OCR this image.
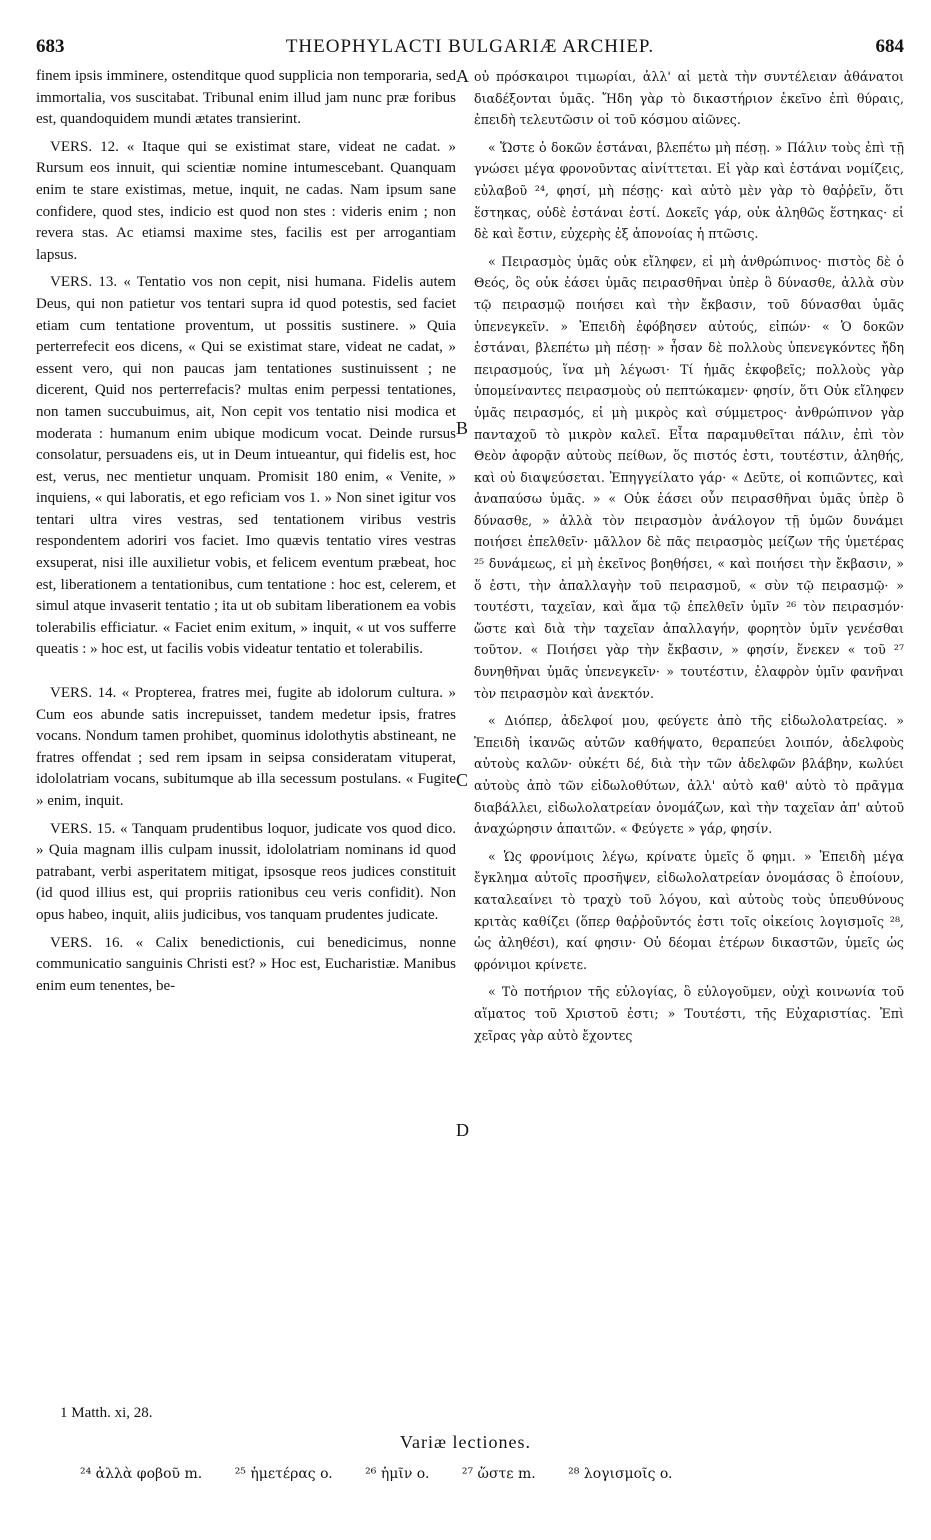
683	THEOPHYLACTI BULGARIÆ ARCHIEP.	684

finem ipsis imminere, ostenditque quod supplicia non temporaria, sed immortalia, vos suscitabat. Tribunal enim illud jam nunc præ foribus est, quandoquidem mundi ætates transierint.

VERS. 12. « Itaque qui se existimat stare, videat ne cadat. » Rursum eos innuit, qui scientiæ nomine intumescebant. Quanquam enim te stare existimas, metue, inquit, ne cadas. Nam ipsum sane confidere, quod stes, indicio est quod non stes : videris enim ; non revera stas. Ac etiamsi maxime stes, facilis est per arrogantiam lapsus.

VERS. 13. « Tentatio vos non cepit, nisi humana. Fidelis autem Deus, qui non patietur vos tentari supra id quod potestis, sed faciet etiam cum tentatione proventum, ut possitis sustinere. » Quia perterrefecit eos dicens, « Qui se existimat stare, videat ne cadat, » essent vero, qui non paucas jam tentationes sustinuissent ; ne dicerent, Quid nos perterrefacis? multas enim perpessi tentationes, non tamen succubuimus, ait, Non cepit vos tentatio nisi modica et moderata : humanum enim ubique modicum vocat. Deinde rursus consolatur, persuadens eis, ut in Deum intueantur, qui fidelis est, hoc est, verus, nec mentietur unquam. Promisit 180 enim, « Venite, » inquiens, « qui laboratis, et ego reficiam vos 1. » Non sinet igitur vos tentari ultra vires vestras, sed tentationem viribus vestris respondentem adoriri vos faciet. Imo quævis tentatio vires vestras exsuperat, nisi ille auxilietur vobis, et felicem eventum præbeat, hoc est, liberationem a tentationibus, cum tentatione : hoc est, celerem, et simul atque invaserit tentatio ; ita ut ob subitam liberationem ea vobis tolerabilis efficiatur. « Faciet enim exitum, » inquit, « ut vos sufferre queatis : » hoc est, ut facilis vobis videatur tentatio et tolerabilis.

VERS. 14. « Propterea, fratres mei, fugite ab idolorum cultura. » Cum eos abunde satis increpuisset, tandem medetur ipsis, fratres vocans. Nondum tamen prohibet, quominus idolothytis abstineant, ne fratres offendat ; sed rem ipsam in seipsa consideratam vituperat, idololatriam vocans, subitumque ab illa secessum postulans. « Fugite » enim, inquit.

VERS. 15. « Tanquam prudentibus loquor, judicate vos quod dico. » Quia magnam illis culpam inussit, idololatriam nominans id quod patrabant, verbi asperitatem mitigat, ipsosque reos judices constituit (id quod illius est, qui propriis rationibus ceu veris confidit). Non opus habeo, inquit, aliis judicibus, vos tanquam prudentes judicate.

VERS. 16. « Calix benedictionis, cui benedicimus, nonne communicatio sanguinis Christi est? » Hoc est, Eucharistiæ. Manibus enim eum tenentes, be-

A
B
C
D

οὐ πρόσκαιροι τιμωρίαι, ἀλλ' αἱ μετὰ τὴν συντέλειαν ἀθάνατοι διαδέξονται ὑμᾶς. Ἤδη γὰρ τὸ δικαστήριον ἐκεῖνο ἐπὶ θύραις, ἐπειδὴ τελευτῶσιν οἱ τοῦ κόσμου αἰῶνες.

« Ὥστε ὁ δοκῶν ἑστάναι, βλεπέτω μὴ πέσῃ. » Πάλιν τοὺς ἐπὶ τῇ γνώσει μέγα φρονοῦντας αἰνίττεται. Εἰ γὰρ καὶ ἑστάναι νομίζεις, εὐλαβοῦ ²⁴, φησί, μὴ πέσῃς· καὶ αὐτὸ μὲν γὰρ τὸ θαῤῥεῖν, ὅτι ἕστηκας, οὐδὲ ἑστάναι ἐστί. Δοκεῖς γάρ, οὐκ ἀληθῶς ἕστηκας· εἰ δὲ καὶ ἔστιν, εὐχερὴς ἐξ ἀπονοίας ἡ πτῶσις.

« Πειρασμὸς ὑμᾶς οὐκ εἴληφεν, εἰ μὴ ἀνθρώπινος· πιστὸς δὲ ὁ Θεός, ὃς οὐκ ἐάσει ὑμᾶς πειρασθῆναι ὑπὲρ ὃ δύνασθε, ἀλλὰ σὺν τῷ πειρασμῷ ποιήσει καὶ τὴν ἔκβασιν, τοῦ δύνασθαι ὑμᾶς ὑπενεγκεῖν. » Ἐπειδὴ ἐφόβησεν αὐτούς, εἰπών· « Ὁ δοκῶν ἑστάναι, βλεπέτω μὴ πέσῃ· » ἦσαν δὲ πολλοὺς ὑπενεγκόντες ἤδη πειρασμούς, ἵνα μὴ λέγωσι· Τί ἡμᾶς ἐκφοβεῖς; πολλοὺς γὰρ ὑπομείναντες πειρασμοὺς οὐ πεπτώκαμεν· φησίν, ὅτι Οὐκ εἴληφεν ὑμᾶς πειρασμός, εἰ μὴ μικρὸς καὶ σύμμετρος· ἀνθρώπινον γὰρ πανταχοῦ τὸ μικρὸν καλεῖ. Εἶτα παραμυθεῖται πάλιν, ἐπὶ τὸν Θεὸν ἀφορᾷν αὐτοὺς πείθων, ὅς πιστός ἐστι, τουτέστιν, ἀληθής, καὶ οὐ διαψεύσεται. Ἐπηγγείλατο γάρ· « Δεῦτε, οἱ κοπιῶντες, καὶ ἀναπαύσω ὑμᾶς. » « Οὐκ ἐάσει οὖν πειρασθῆναι ὑμᾶς ὑπὲρ ὃ δύνασθε, » ἀλλὰ τὸν πειρασμὸν ἀνάλογον τῇ ὑμῶν δυνάμει ποιήσει ἐπελθεῖν· μᾶλλον δὲ πᾶς πειρασμὸς μείζων τῆς ὑμετέρας ²⁵ δυνάμεως, εἰ μὴ ἐκεῖνος βοηθήσει, « καὶ ποιήσει τὴν ἔκβασιν, » ὅ ἐστι, τὴν ἀπαλλαγὴν τοῦ πειρασμοῦ, « σὺν τῷ πειρασμῷ· » τουτέστι, ταχεῖαν, καὶ ἅμα τῷ ἐπελθεῖν ὑμῖν ²⁶ τὸν πειρασμόν· ὥστε καὶ διὰ τὴν ταχεῖαν ἀπαλλαγήν, φορητὸν ὑμῖν γενέσθαι τοῦτον. « Ποιήσει γὰρ τὴν ἔκβασιν, » φησίν, ἕνεκεν « τοῦ ²⁷ δυνηθῆναι ὑμᾶς ὑπενεγκεῖν· » τουτέστιν, ἐλαφρὸν ὑμῖν φανῆναι τὸν πειρασμὸν καὶ ἀνεκτόν.

« Διόπερ, ἀδελφοί μου, φεύγετε ἀπὸ τῆς εἰδωλολατρείας. » Ἐπειδὴ ἱκανῶς αὐτῶν καθήψατο, θεραπεύει λοιπόν, ἀδελφοὺς αὐτοὺς καλῶν· οὐκέτι δέ, διὰ τὴν τῶν ἀδελφῶν βλάβην, κωλύει αὐτοὺς ἀπὸ τῶν εἰδωλοθύτων, ἀλλ' αὐτὸ καθ' αὑτὸ τὸ πρᾶγμα διαβάλλει, εἰδωλολατρείαν ὀνομάζων, καὶ τὴν ταχεῖαν ἀπ' αὐτοῦ ἀναχώρησιν ἀπαιτῶν. « Φεύγετε » γάρ, φησίν.

« Ὡς φρονίμοις λέγω, κρίνατε ὑμεῖς ὅ φημι. » Ἐπειδὴ μέγα ἔγκλημα αὐτοῖς προσῆψεν, εἰδωλολατρείαν ὀνομάσας ὃ ἐποίουν, καταλεαίνει τὸ τραχὺ τοῦ λόγου, καὶ αὐτοὺς τοὺς ὑπευθύνους κριτὰς καθίζει (ὅπερ θαῤῥοῦντός ἐστι τοῖς οἰκείοις λογισμοῖς ²⁸, ὡς ἀληθέσι), καί φησιν· Οὐ δέομαι ἑτέρων δικαστῶν, ὑμεῖς ὡς φρόνιμοι κρίνετε.

« Τὸ ποτήριον τῆς εὐλογίας, ὃ εὐλογοῦμεν, οὐχὶ κοινωνία τοῦ αἵματος τοῦ Χριστοῦ ἐστι; » Τουτέστι, τῆς Εὐχαριστίας. Ἐπὶ χεῖρας γὰρ αὐτὸ ἔχοντες

1 Matth. xi, 28.
Variæ lectiones.
²⁴ ἀλλὰ φοβοῦ m. ²⁵ ἡμετέρας o. ²⁶ ἡμῖν o. ²⁷ ὥστε m. ²⁸ λογισμοῖς o.
